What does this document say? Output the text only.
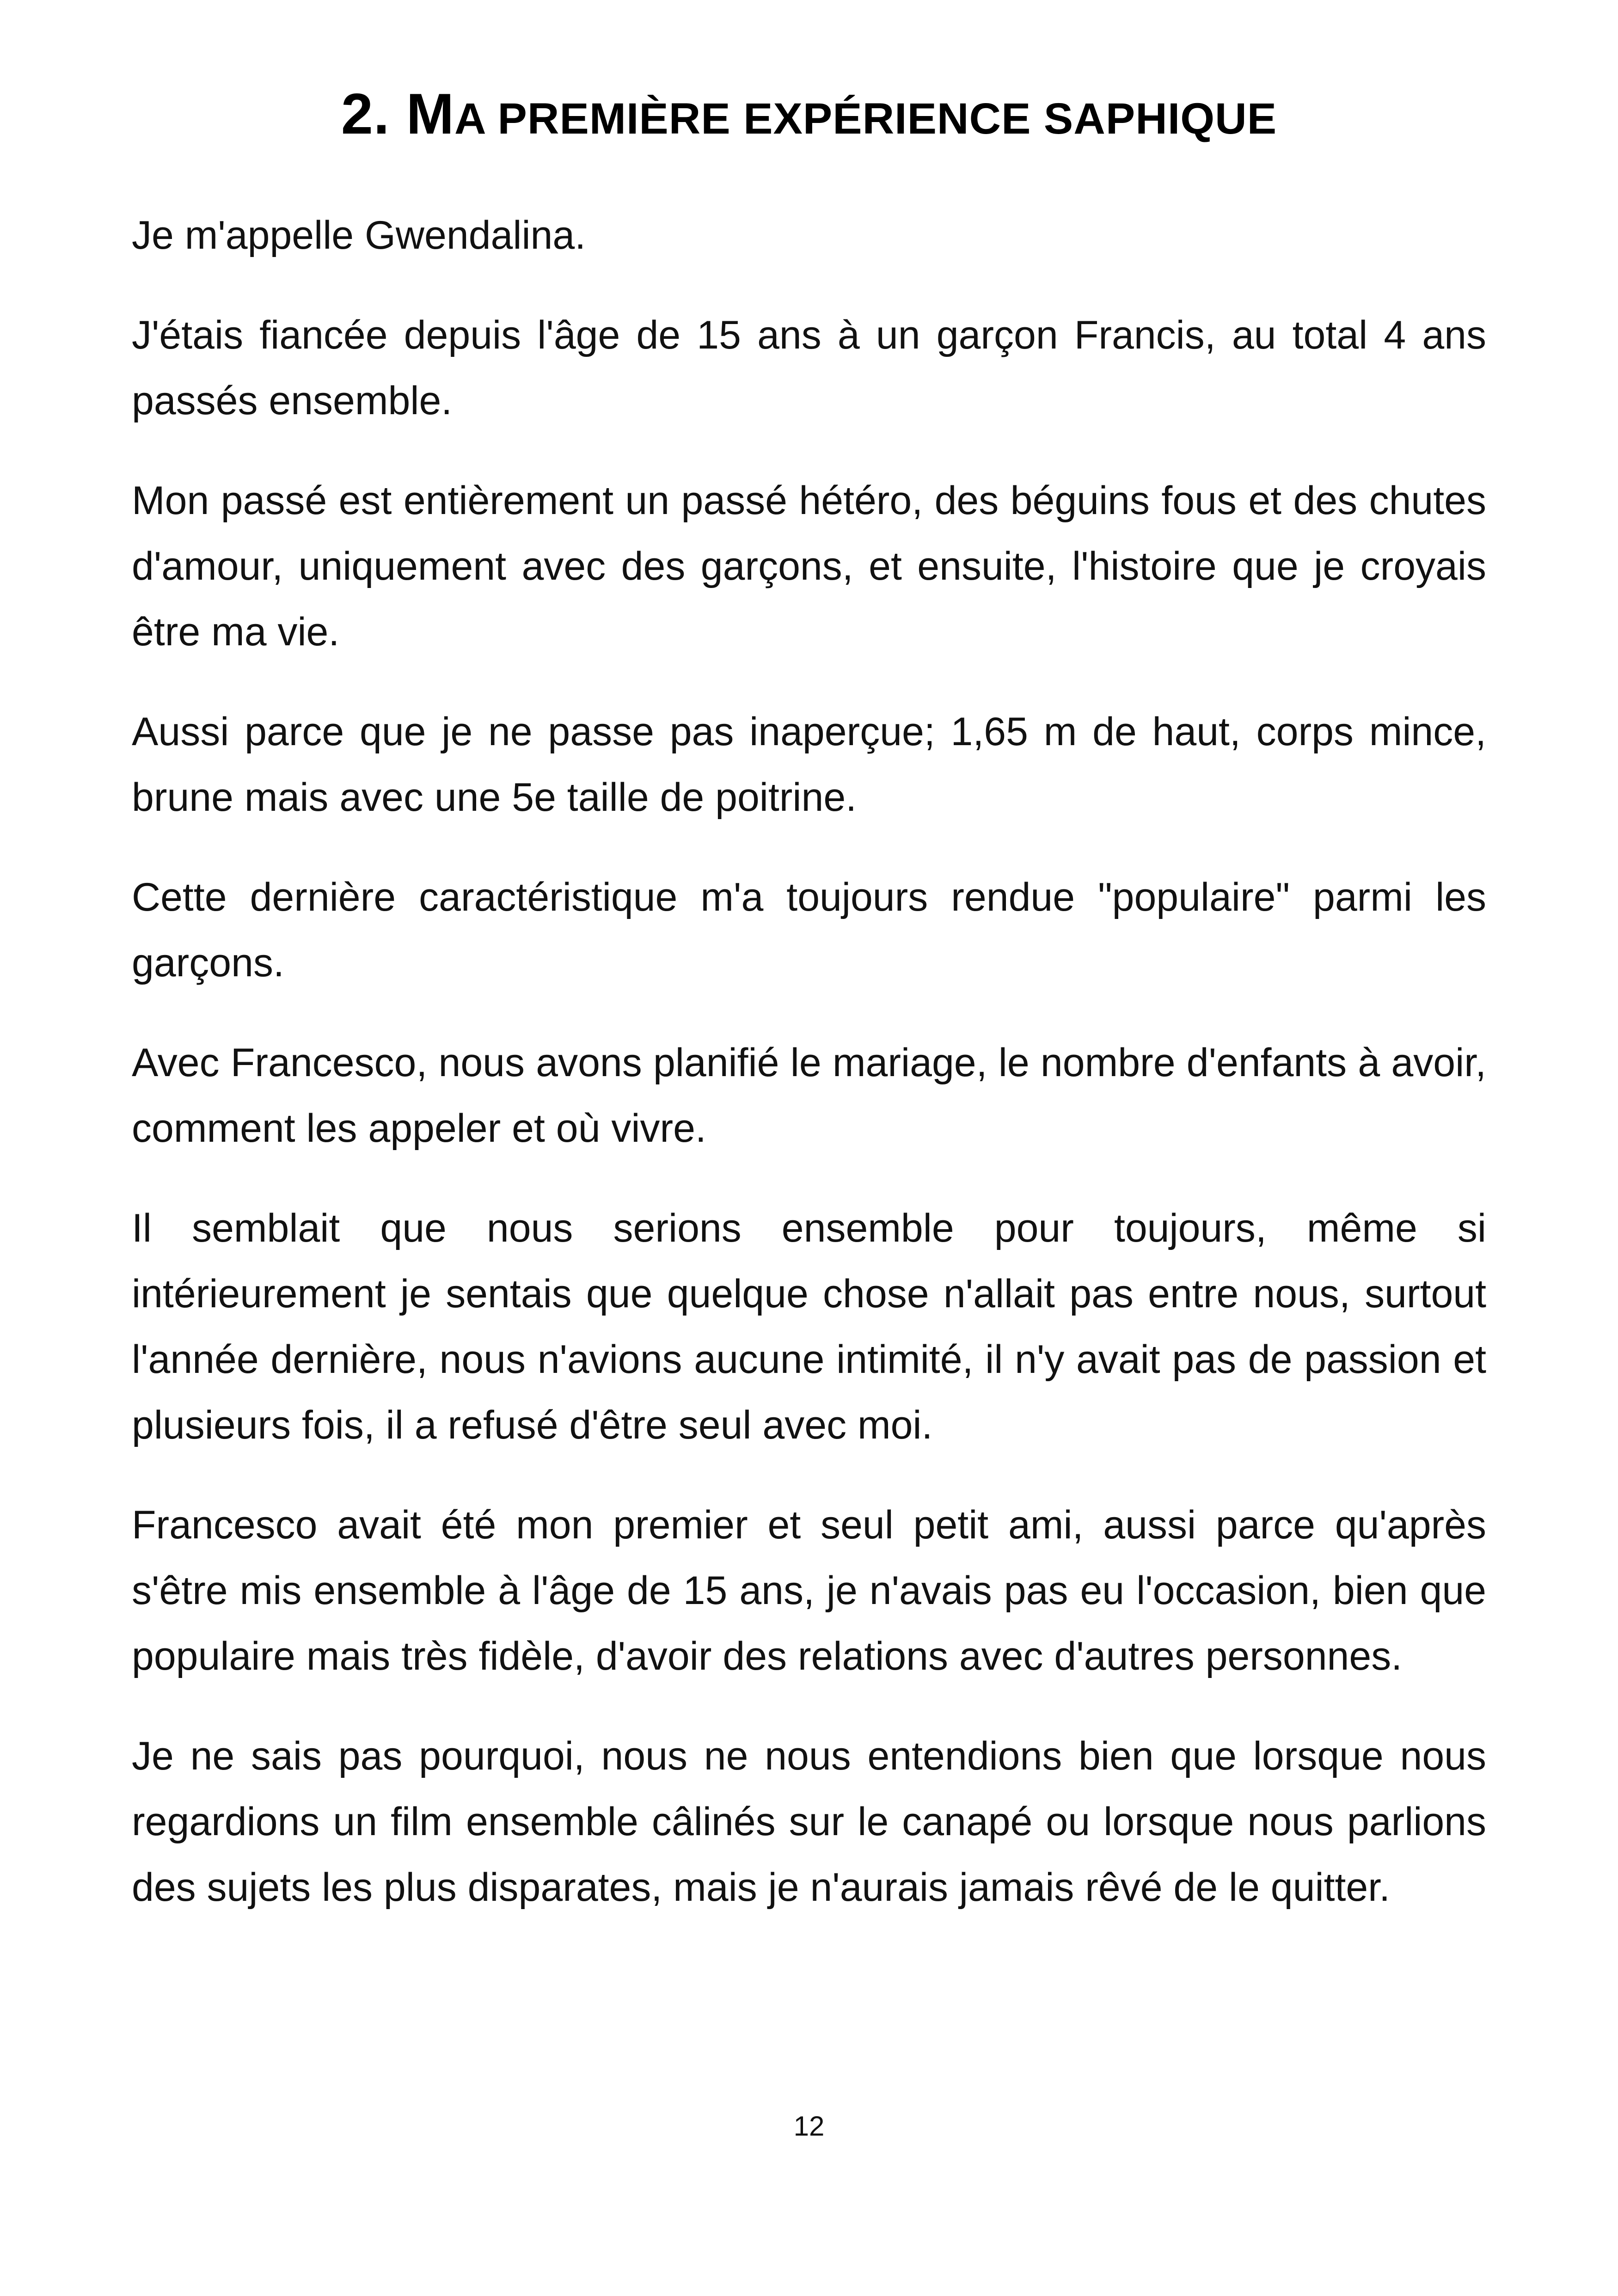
2. MA PREMIÈRE EXPÉRIENCE SAPHIQUE

Je m'appelle Gwendalina.

J'étais fiancée depuis l'âge de 15 ans à un garçon Francis, au total 4 ans passés ensemble.

Mon passé est entièrement un passé hétéro, des béguins fous et des chutes d'amour, uniquement avec des garçons, et ensuite, l'histoire que je croyais être ma vie.

Aussi parce que je ne passe pas inaperçue; 1,65 m de haut, corps mince, brune mais avec une 5e taille de poitrine.

Cette dernière caractéristique m'a toujours rendue "populaire" parmi les garçons.

Avec Francesco, nous avons planifié le mariage, le nombre d'enfants à avoir, comment les appeler et où vivre.

Il semblait que nous serions ensemble pour toujours, même si intérieurement je sentais que quelque chose n'allait pas entre nous, surtout l'année dernière, nous n'avions aucune intimité, il n'y avait pas de passion et plusieurs fois, il a refusé d'être seul avec moi.

Francesco avait été mon premier et seul petit ami, aussi parce qu'après s'être mis ensemble à l'âge de 15 ans, je n'avais pas eu l'occasion, bien que populaire mais très fidèle, d'avoir des relations avec d'autres personnes.

Je ne sais pas pourquoi, nous ne nous entendions bien que lorsque nous regardions un film ensemble câlinés sur le canapé ou lorsque nous parlions des sujets les plus disparates, mais je n'aurais jamais rêvé de le quitter.

12
